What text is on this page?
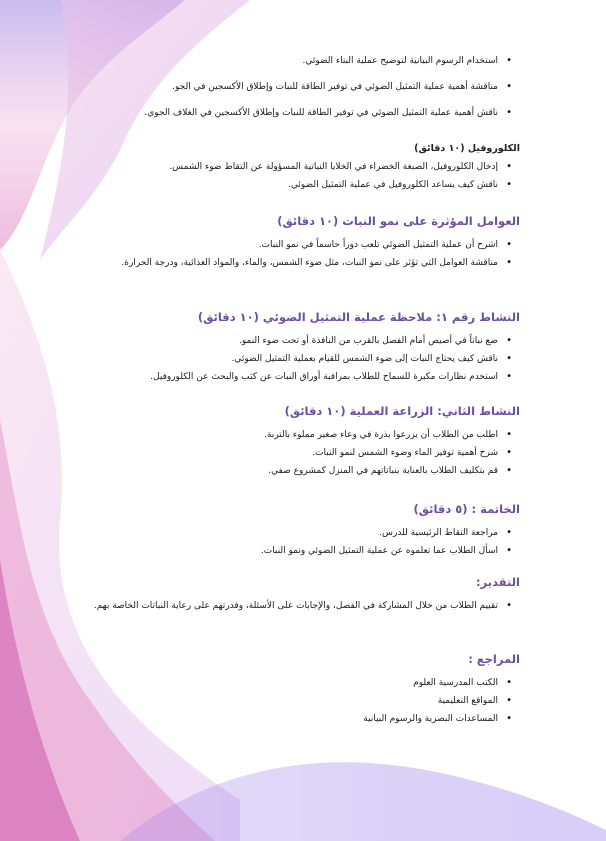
• استخدام الرسوم البيانية لتوضيح عملية البناء الضوئي.
• مناقشة أهمية عملية التمثيل الضوئي في توفير الطاقة للنبات وإطلاق الأكسجين في الجو.
• ناقش أهمية عملية التمثيل الضوئي في توفير الطاقة للنبات وإطلاق الأكسجين في الغلاف الجوي.
الكلوروفيل (١٠ دقائق)
• إدخال الكلوروفيل، الصبغة الخضراء في الخلايا النباتية المسؤولة عن التقاط ضوء الشمس.
• ناقش كيف يساعد الكلوروفيل في عملية التمثيل الضوئي.
العوامل المؤثرة على نمو النبات (١٠ دقائق)
• اشرح أن عملية التمثيل الضوئي تلعب دوراً حاسماً في نمو النبات.
• مناقشة العوامل التي تؤثر على نمو النبات، مثل ضوء الشمس، والماء، والمواد الغذائية، ودرجة الحرارة.
النشاط رقم ١: ملاحظة عملية التمثيل الضوئي (١٠ دقائق)
• ضع نباتاً في أصيص أمام الفصل بالقرب من النافذة أو تحت ضوء النمو.
• ناقش كيف يحتاج النبات إلى ضوء الشمس للقيام بعملية التمثيل الضوئي.
• استخدم نظارات مكبرة للسماح للطلاب بمراقبة أوراق النبات عن كثب والبحث عن الكلوروفيل.
النشاط الثاني: الزراعة العملية (١٠ دقائق)
• اطلب من الطلاب أن يزرعوا بذرة في وعاء صغير مملوء بالتربة.
• شرح أهمية توفير الماء وضوء الشمس لنمو النبات.
• قم بتكليف الطلاب بالعناية بنباتاتهم في المنزل كمشروع صفي.
الخاتمة : (٥ دقائق)
• مراجعة النقاط الرئيسية للدرس.
• اسأل الطلاب عما تعلموه عن عملية التمثيل الضوئي ونمو النبات.
التقدير:
• تقييم الطلاب من خلال المشاركة في الفصل، والإجابات على الأسئلة، وقدرتهم على رعاية النباتات الخاصة بهم.
المراجع :
• الكتب المدرسية العلوم
• المواقع التعليمية
• المساعدات البصرية والرسوم البيانية
